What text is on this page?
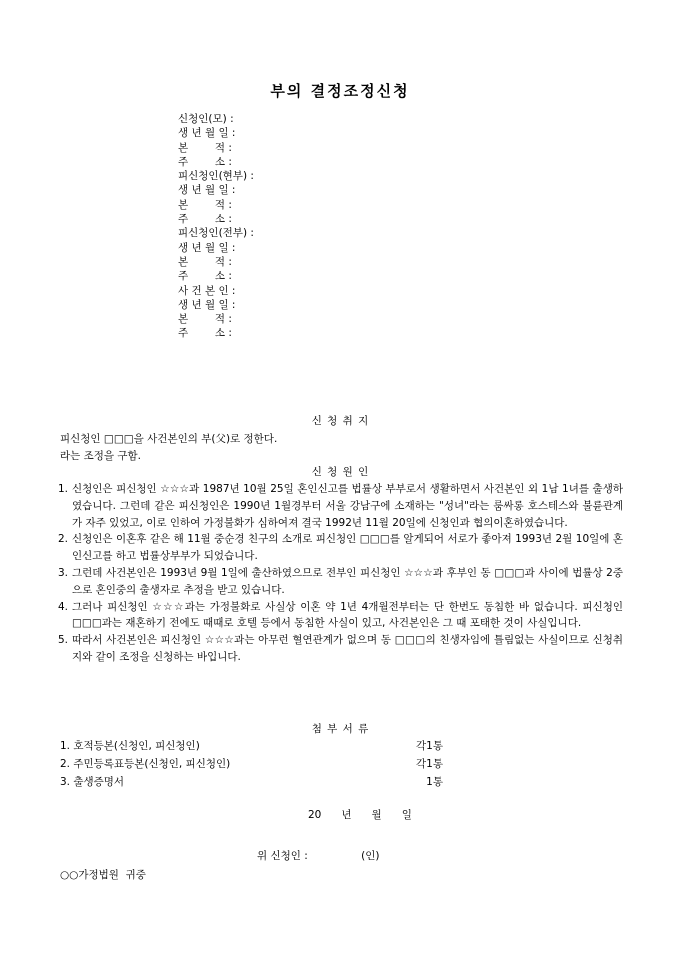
부의 결정조정신청
신청인(모) :
생 년 월 일 :
본        적 :
주        소 :
피신청인(현부) :
생 년 월 일 :
본        적 :
주        소 :
피신청인(전부) :
생 년 월 일 :
본        적 :
주        소 :
사 건 본 인 :
생 년 월 일 :
본        적 :
주        소 :
신 청 취 지
피신청인 □□□을 사건본인의 부(父)로 정한다.
라는 조정을 구함.
신 청 원 인
1. 신청인은 피신청인 ☆☆☆과 1987년 10월 25일 혼인신고를 법률상 부부로서 생활하면서 사건본인 외 1남 1녀를 출생하였습니다. 그런데 같은 피신청인은 1990년 1월경부터 서울 강남구에 소재하는 "성녀"라는 룸싸롱 호스테스와 불륜관계가 자주 있었고, 이로 인하여 가정불화가 심하여져 결국 1992년 11월 20일에 신청인과 협의이혼하였습니다.
2. 신청인은 이혼후 같은 해 11월 중순경 친구의 소개로 피신청인 □□□를 알게되어 서로가 좋아져 1993년 2월 10일에 혼인신고를 하고 법률상부부가 되었습니다.
3. 그런데 사건본인은 1993년 9월 1일에 출산하였으므로 전부인 피신청인 ☆☆☆과 후부인 동 □□□과 사이에 법률상 2중으로 혼인중의 출생자로 추정을 받고 있습니다.
4. 그러나 피신청인 ☆☆☆과는 가정불화로 사실상 이혼 약 1년 4개월전부터는 단 한번도 동침한 바 없습니다. 피신청인 □□□과는 재혼하기 전에도 때때로 호텔 등에서 동침한 사실이 있고, 사건본인은 그 때 포태한 것이 사실입니다.
5. 따라서 사건본인은 피신청인 ☆☆☆과는 아무런 혈연관계가 없으며 동 □□□의 친생자임에 틀림없는 사실이므로 신청취지와 같이 조정을 신청하는 바입니다.
첨 부 서 류
1. 호적등본(신청인, 피신청인)	각1통
2. 주민등록표등본(신청인, 피신청인)	각1통
3. 출생증명서	1통
20      년      월      일
위 신청인 :                (인)
○○가정법원  귀중
